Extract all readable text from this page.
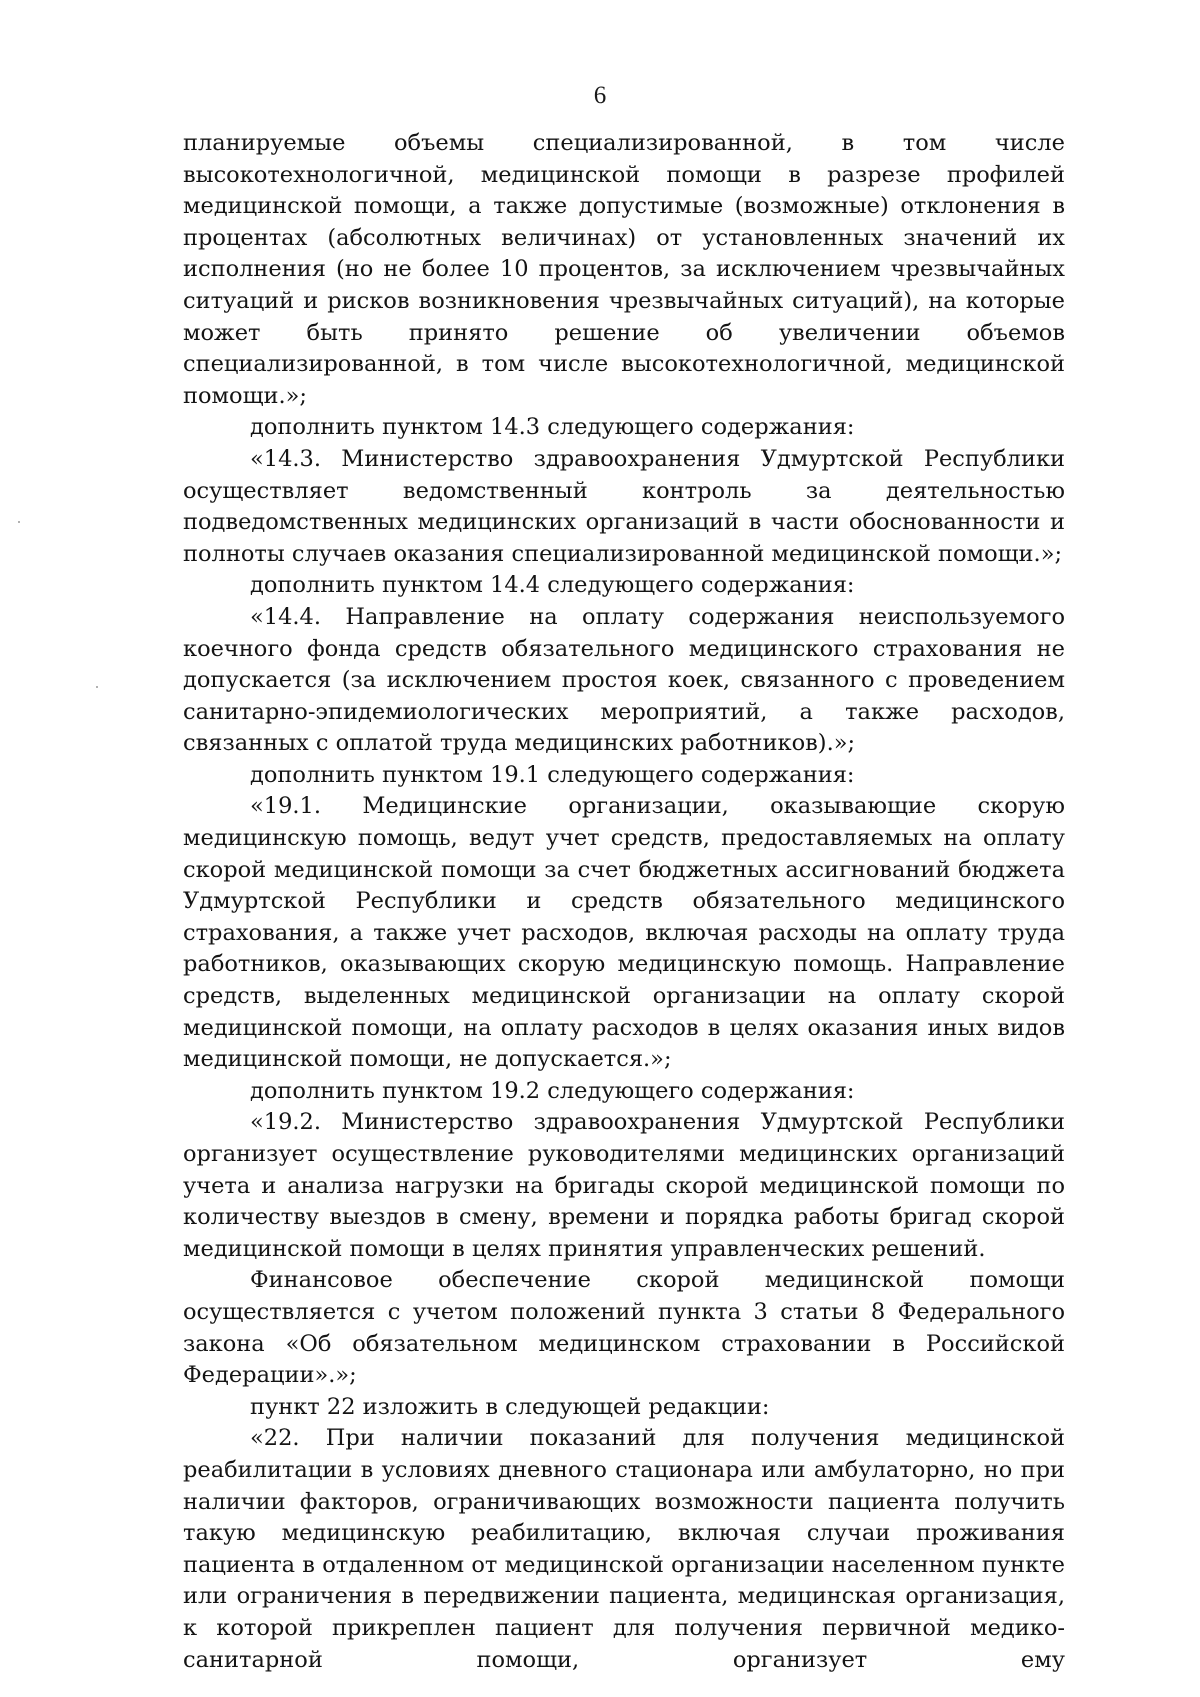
6

планируемые объемы специализированной, в том числе высокотехнологичной, медицинской помощи в разрезе профилей медицинской помощи, а также допустимые (возможные) отклонения в процентах (абсолютных величинах) от установленных значений их исполнения (но не более 10 процентов, за исключением чрезвычайных ситуаций и рисков возникновения чрезвычайных ситуаций), на которые может быть принято решение об увеличении объемов специализированной, в том числе высокотехнологичной, медицинской помощи.»;

дополнить пунктом 14.3 следующего содержания:

«14.3. Министерство здравоохранения Удмуртской Республики осуществляет ведомственный контроль за деятельностью подведомственных медицинских организаций в части обоснованности и полноты случаев оказания специализированной медицинской помощи.»;

дополнить пунктом 14.4 следующего содержания:

«14.4. Направление на оплату содержания неиспользуемого коечного фонда средств обязательного медицинского страхования не допускается (за исключением простоя коек, связанного с проведением санитарно-эпидемиологических мероприятий, а также расходов, связанных с оплатой труда медицинских работников).»;

дополнить пунктом 19.1 следующего содержания:

«19.1. Медицинские организации, оказывающие скорую медицинскую помощь, ведут учет средств, предоставляемых на оплату скорой медицинской помощи за счет бюджетных ассигнований бюджета Удмуртской Республики и средств обязательного медицинского страхования, а также учет расходов, включая расходы на оплату труда работников, оказывающих скорую медицинскую помощь. Направление средств, выделенных медицинской организации на оплату скорой медицинской помощи, на оплату расходов в целях оказания иных видов медицинской помощи, не допускается.»;

дополнить пунктом 19.2 следующего содержания:

«19.2. Министерство здравоохранения Удмуртской Республики организует осуществление руководителями медицинских организаций учета и анализа нагрузки на бригады скорой медицинской помощи по количеству выездов в смену, времени и порядка работы бригад скорой медицинской помощи в целях принятия управленческих решений.

Финансовое обеспечение скорой медицинской помощи осуществляется с учетом положений пункта 3 статьи 8 Федерального закона «Об обязательном медицинском страховании в Российской Федерации».»;

пункт 22 изложить в следующей редакции:

«22. При наличии показаний для получения медицинской реабилитации в условиях дневного стационара или амбулаторно, но при наличии факторов, ограничивающих возможности пациента получить такую медицинскую реабилитацию, включая случаи проживания пациента в отдаленном от медицинской организации населенном пункте или ограничения в передвижении пациента, медицинская организация, к которой прикреплен пациент для получения первичной медико-санитарной помощи, организует ему
